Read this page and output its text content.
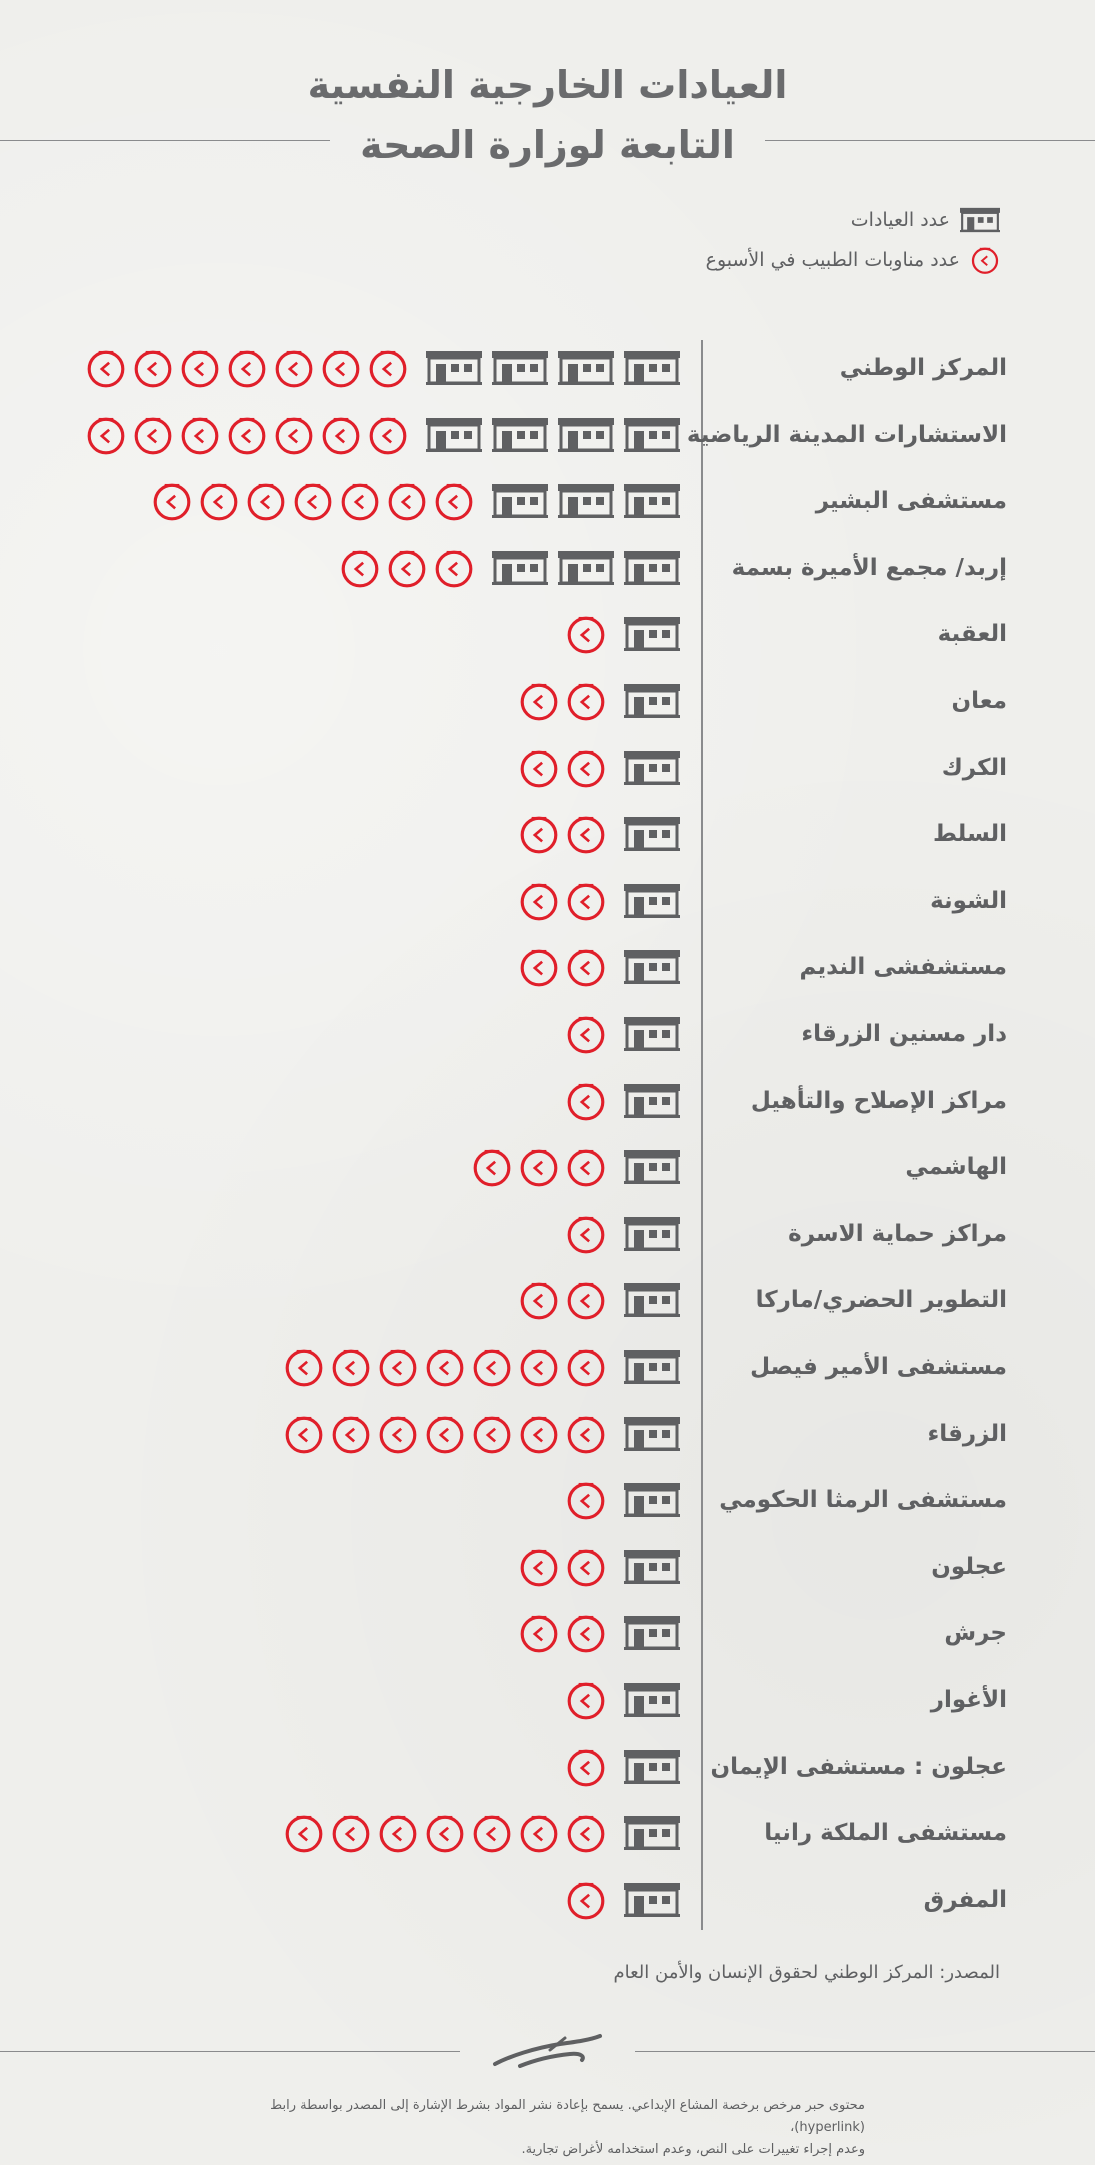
العيادات الخارجية النفسية
التابعة لوزارة الصحة
عدد العيادات
عدد مناوبات الطبيب في الأسبوع
المركز الوطني
الاستشارات المدينة الرياضية
مستشفى البشير
إربد/ مجمع الأميرة بسمة
العقبة
معان
الكرك
السلط
الشونة
مستشفشى النديم
دار مسنين الزرقاء
مراكز الإصلاح والتأهيل
الهاشمي
مراكز حماية الاسرة
التطوير الحضري/ماركا
مستشفى الأمير فيصل
الزرقاء
مستشفى الرمثا الحكومي
عجلون
جرش
الأغوار
عجلون : مستشفى الإيمان
مستشفى الملكة رانيا
المفرق
المصدر: المركز الوطني لحقوق الإنسان والأمن العام
محتوى حبر مرخص برخصة المشاع الإبداعي. يسمح بإعادة نشر المواد بشرط الإشارة إلى المصدر بواسطة رابط (hyperlink)،
وعدم إجراء تغييرات على النص، وعدم استخدامه لأغراض تجارية.
